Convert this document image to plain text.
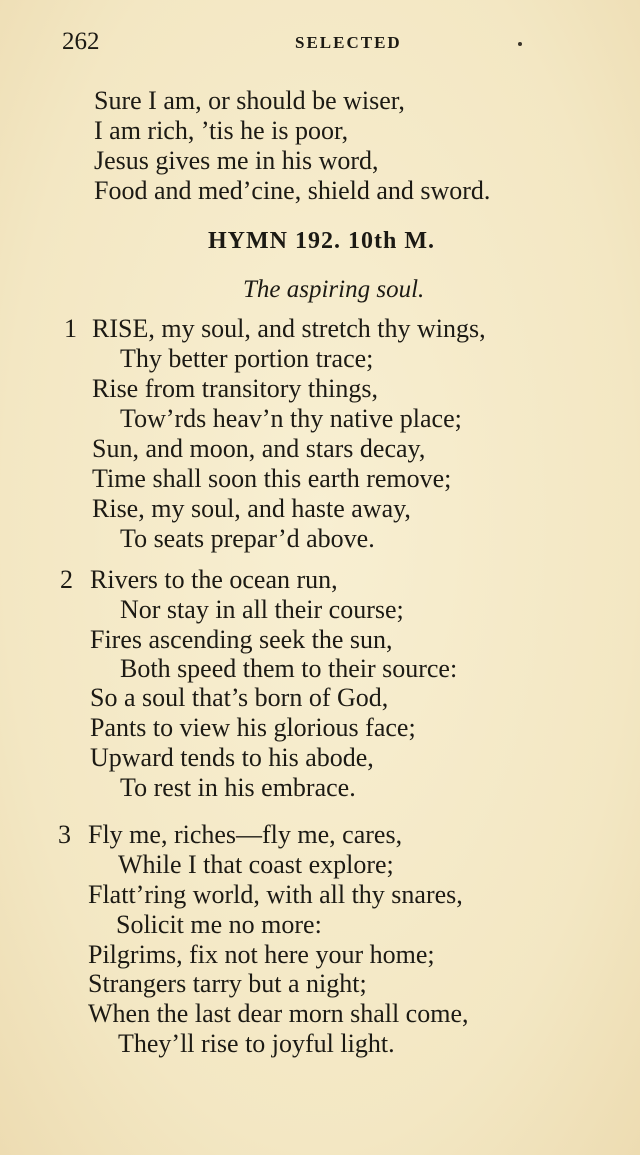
262	SELECTED
Sure I am, or should be wiser,
I am rich, ’tis he is poor,
Jesus gives me in his word,
Food and med’cine, shield and sword.
HYMN 192. 10th M.
The aspiring soul.
1 RISE, my soul, and stretch thy wings,
Thy better portion trace;
Rise from transitory things,
Tow’rds heav’n thy native place;
Sun, and moon, and stars decay,
Time shall soon this earth remove;
Rise, my soul, and haste away,
To seats prepar’d above.
2 Rivers to the ocean run,
Nor stay in all their course;
Fires ascending seek the sun,
Both speed them to their source:
So a soul that’s born of God,
Pants to view his glorious face;
Upward tends to his abode,
To rest in his embrace.
3 Fly me, riches—fly me, cares,
While I that coast explore;
Flatt’ring world, with all thy snares,
Solicit me no more:
Pilgrims, fix not here your home;
Strangers tarry but a night;
When the last dear morn shall come,
They’ll rise to joyful light.
